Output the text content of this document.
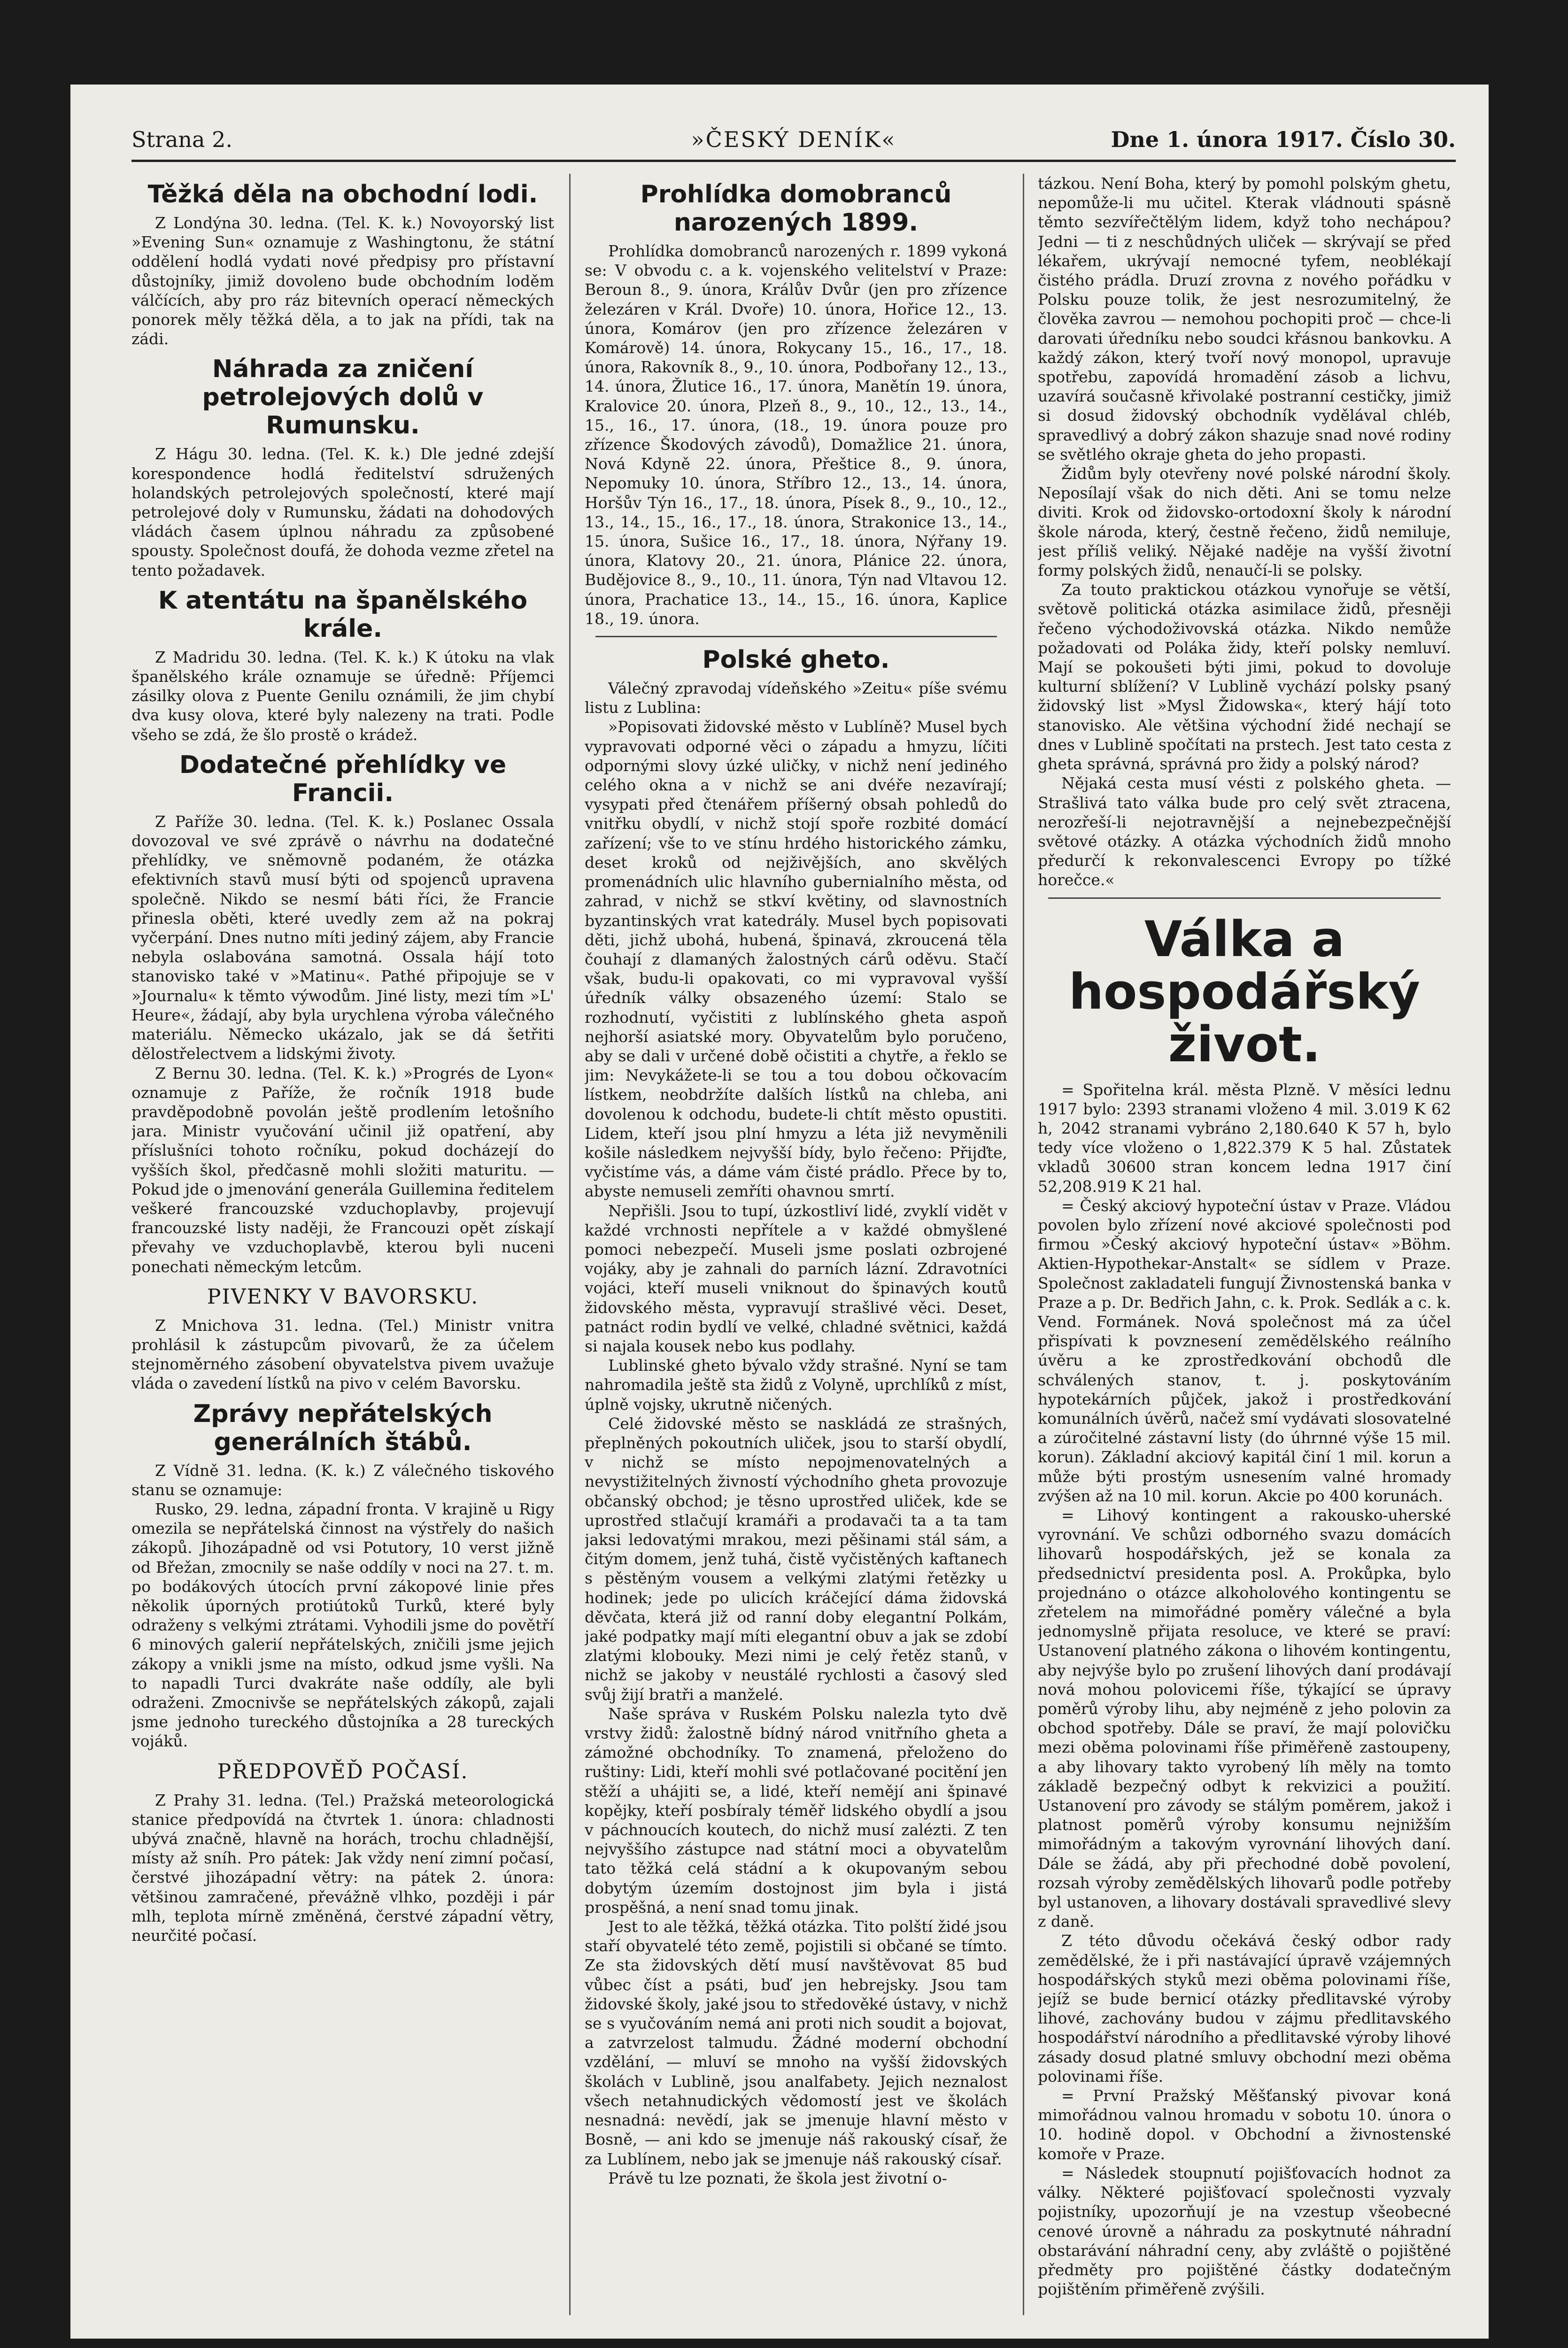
Strana 2.	»ČESKÝ DENÍK«	Dne 1. února 1917. Číslo 30.
Těžká děla na obchodní lodi.

Z Londýna 30. ledna. (Tel. K. k.) Novoyorský list »Evening Sun« oznamuje z Washingtonu, že státní oddělení hodlá vydati nové předpisy pro přístavní důstojníky, jimiž dovoleno bude obchodním loděm válčících, aby pro ráz bitevních operací německých ponorek měly těžká děla, a to jak na přídi, tak na zádi.

Náhrada za zničení petrolejových dolů v Rumunsku.

Z Hágu 30. ledna. (Tel. K. k.) Dle jedné zdejší korespondence hodlá ředitelství sdružených holandských petrolejových společností, které mají petrolejové doly v Rumunsku, žádati na dohodových vládách časem úplnou náhradu za způsobené spousty. Společnost doufá, že dohoda vezme zřetel na tento požadavek.

K atentátu na španělského krále.

Z Madridu 30. ledna. (Tel. K. k.) K útoku na vlak španělského krále oznamuje se úředně: Příjemci zásilky olova z Puente Genilu oznámili, že jim chybí dva kusy olova, které byly nalezeny na trati. Podle všeho se zdá, že šlo prostě o krádež.

Dodatečné přehlídky ve Francii.

Z Paříže 30. ledna. (Tel. K. k.) Poslanec Ossala dovozoval ve své zprávě o návrhu na dodatečné přehlídky, ve sněmovně podaném, že otázka efektivních stavů musí býti od spojenců upravena společně. Nikdo se nesmí báti říci, že Francie přinesla oběti, které uvedly zem až na pokraj vyčerpání. Dnes nutno míti jediný zájem, aby Francie nebyla oslabována samotná. Ossala hájí toto stanovisko také v »Matinu«. Pathé připojuje se v »Journalu« k těmto výwodům. Jiné listy, mezi tím »L' Heure«, žádají, aby byla urychlena výroba válečného materiálu. Německo ukázalo, jak se dá šetřiti dělostřelectvem a lidskými životy.

Z Bernu 30. ledna. (Tel. K. k.) »Progrés de Lyon« oznamuje z Paříže, že ročník 1918 bude pravděpodobně povolán ještě prodlením letošního jara. Ministr vyučování učinil již opatření, aby příslušníci tohoto ročníku, pokud docházejí do vyšších škol, předčasně mohli složiti maturitu. — Pokud jde o jmenování generála Guillemina ředitelem veškeré francouzské vzduchoplavby, projevují francouzské listy naději, že Francouzi opět získají převahy ve vzduchoplavbě, kterou byli nuceni ponechati německým letcům.

PIVENKY V BAVORSKU.

Z Mnichova 31. ledna. (Tel.) Ministr vnitra prohlásil k zástupcům pivovarů, že za účelem stejnoměrného zásobení obyvatelstva pivem uvažuje vláda o zavedení lístků na pivo v celém Bavorsku.

Zprávy nepřátelských generálních štábů.

Z Vídně 31. ledna. (K. k.) Z válečného tiskového stanu se oznamuje:

Rusko, 29. ledna, západní fronta. V krajině u Rigy omezila se nepřátelská činnost na výstřely do našich zákopů. Jihozápadně od vsi Potutory, 10 verst jižně od Břežan, zmocnily se naše oddíly v noci na 27. t. m. po bodákových útocích první zákopové linie přes několik úporných protiútoků Turků, které byly odraženy s velkými ztrátami. Vyhodili jsme do povětří 6 minových galerií nepřátelských, zničili jsme jejich zákopy a vnikli jsme na místo, odkud jsme vyšli. Na to napadli Turci dvakráte naše oddíly, ale byli odraženi. Zmocnivše se nepřátelských zákopů, zajali jsme jednoho tureckého důstojníka a 28 tureckých vojáků.

PŘEDPOVĚĎ POČASÍ.

Z Prahy 31. ledna. (Tel.) Pražská meteorologická stanice předpovídá na čtvrtek 1. února: chladnosti ubývá značně, hlavně na horách, trochu chladnější, místy až sníh. Pro pátek: Jak vždy není zimní počasí, čerstvé jihozápadní větry: na pátek 2. února: většinou zamračené, převážně vlhko, později i pár mlh, teplota mírně změněná, čerstvé západní větry, neurčité počasí.

Prohlídka domobranců narozených 1899.

Prohlídka domobranců narozených r. 1899 vykoná se: V obvodu c. a k. vojenského velitelství v Praze: Beroun 8., 9. února, Králův Dvůr (jen pro zřízence železáren v Král. Dvoře) 10. února, Hořice 12., 13. února, Komárov (jen pro zřízence železáren v Komárově) 14. února, Rokycany 15., 16., 17., 18. února, Rakovník 8., 9., 10. února, Podbořany 12., 13., 14. února, Žlutice 16., 17. února, Manětín 19. února, Kralovice 20. února, Plzeň 8., 9., 10., 12., 13., 14., 15., 16., 17. února, (18., 19. února pouze pro zřízence Škodových závodů), Domažlice 21. února, Nová Kdyně 22. února, Přeštice 8., 9. února, Nepomuky 10. února, Stříbro 12., 13., 14. února, Horšův Týn 16., 17., 18. února, Písek 8., 9., 10., 12., 13., 14., 15., 16., 17., 18. února, Strakonice 13., 14., 15. února, Sušice 16., 17., 18. února, Nýřany 19. února, Klatovy 20., 21. února, Plánice 22. února, Budějovice 8., 9., 10., 11. února, Týn nad Vltavou 12. února, Prachatice 13., 14., 15., 16. února, Kaplice 18., 19. února.

Polské gheto.

Válečný zpravodaj vídeňského »Zeitu« píše svému listu z Lublina:

»Popisovati židovské město v Lublíně? Musel bych vypravovati odporné věci o západu a hmyzu, líčiti odpornými slovy úzké uličky, v nichž není jediného celého okna a v nichž se ani dvéře nezavírají; vysypati před čtenářem příšerný obsah pohledů do vnitřku obydlí, v nichž stojí spoře rozbité domácí zařízení; vše to ve stínu hrdého historického zámku, deset kroků od nejživějších, ano skvělých promenádních ulic hlavního gubernialního města, od zahrad, v nichž se stkví květiny, od slavnostních byzantinských vrat katedrály. Musel bych popisovati děti, jichž ubohá, hubená, špinavá, zkroucená těla čouhají z dlamaných žalostných cárů oděvu. Stačí však, budu-li opakovati, co mi vypravoval vyšší úředník války obsazeného území: Stalo se rozhodnutí, vyčistiti z lublínského gheta aspoň nejhorší asiatské mory. Obyvatelům bylo poručeno, aby se dali v určené době očistiti a chytře, a řeklo se jim: Nevykážete-li se tou a tou dobou očkovacím lístkem, neobdržíte dalších lístků na chleba, ani dovolenou k odchodu, budete-li chtít město opustiti. Lidem, kteří jsou plní hmyzu a léta již nevyměnili košile následkem nejvyšší bídy, bylo řečeno: Přijďte, vyčistíme vás, a dáme vám čisté prádlo. Přece by to, abyste nemuseli zemříti ohavnou smrtí.

Nepřišli. Jsou to tupí, úzkostliví lidé, zvyklí vidět v každé vrchnosti nepřítele a v každé obmyšlené pomoci nebezpečí. Museli jsme poslati ozbrojené vojáky, aby je zahnali do parních lázní. Zdravotníci vojáci, kteří museli vniknout do špinavých koutů židovského města, vypravují strašlivé věci. Deset, patnáct rodin bydlí ve velké, chladné světnici, každá si najala kousek nebo kus podlahy.

Lublinské gheto bývalo vždy strašné. Nyní se tam nahromadila ještě sta židů z Volyně, uprchlíků z míst, úplně vojsky, ukrutně ničených.

Celé židovské město se naskládá ze strašných, přeplněných pokoutních uliček, jsou to starší obydlí, v nichž se místo nepojmenovatelných a nevystižitelných živností východního gheta provozuje občanský obchod; je těsno uprostřed uliček, kde se uprostřed stlačují kramáři a prodavači ta a ta tam jaksi ledovatými mrakou, mezi pěšinami stál sám, a čitým domem, jenž tuhá, čistě vyčistěných kaftanech s pěstěným vousem a velkými zlatými řetězky u hodinek; jede po ulicích kráčející dáma židovská děvčata, která již od ranní doby elegantní Polkám, jaké podpatky mají míti elegantní obuv a jak se zdobí zlatými klobouky. Mezi nimi je celý řetěz stanů, v nichž se jakoby v neustálé rychlosti a časový sled svůj žijí bratři a manželé.

Naše správa v Ruském Polsku nalezla tyto dvě vrstvy židů: žalostně bídný národ vnitřního gheta a zámožné obchodníky. To znamená, přeloženo do ruštiny: Lidi, kteří mohli své potlačované pocitění jen stěží a uhájiti se, a lidé, kteří nemějí ani špinavé kopějky, kteří posbíraly téměř lidského obydlí a jsou v páchnoucích koutech, do nichž musí zalézti. Z ten nejvyššího zástupce nad státní moci a obyvatelům tato těžká celá stádní a k okupovaným sebou dobytým územím dostojnost jim byla i jistá prospěšná, a není snad tomu jinak.

Jest to ale těžká, těžká otázka. Tito polští židé jsou staří obyvatelé této země, pojistili si občané se tímto. Ze sta židovských dětí musí navštěvovat 85 bud vůbec číst a psáti, buď jen hebrejsky. Jsou tam židovské školy, jaké jsou to středověké ústavy, v nichž se s vyučováním nemá ani proti nich soudit a bojovat, a zatvrzelost talmudu. Žádné moderní obchodní vzdělání, — mluví se mnoho na vyšší židovských školách v Lublině, jsou analfabety. Jejich neznalost všech netahnudických vědomostí jest ve školách nesnadná: nevědí, jak se jmenuje hlavní město v Bosně, — ani kdo se jmenuje náš rakouský císař, že za Lublínem, nebo jak se jmenuje náš rakouský císař.

Právě tu lze poznati, že škola jest životní o-

tázkou. Není Boha, který by pomohl polským ghetu, nepomůže-li mu učitel. Kterak vládnouti spásně těmto sezvířečtělým lidem, když toho nechápou? Jedni — ti z neschůdných uliček — skrývají se před lékařem, ukrývají nemocné tyfem, neoblékají čistého prádla. Druzí zrovna z nového pořádku v Polsku pouze tolik, že jest nesrozumitelný, že člověka zavrou — nemohou pochopiti proč — chce-li darovati úředníku nebo soudci křásnou bankovku. A každý zákon, který tvoří nový monopol, upravuje spotřebu, zapovídá hromadění zásob a lichvu, uzavírá současně křivolaké postranní cestičky, jimiž si dosud židovský obchodník vydělával chléb, spravedlivý a dobrý zákon shazuje snad nové rodiny se světlého okraje gheta do jeho propasti.

Židům byly otevřeny nové polské národní školy. Neposílají však do nich děti. Ani se tomu nelze diviti. Krok od židovsko-ortodoxní školy k národní škole národa, který, čestně řečeno, židů nemiluje, jest příliš veliký. Nějaké naděje na vyšší životní formy polských židů, nenaučí-li se polsky.

Za touto praktickou otázkou vynořuje se větší, světově politická otázka asimilace židů, přesněji řečeno východoživovská otázka. Nikdo nemůže požadovati od Poláka židy, kteří polsky nemluví. Mají se pokoušeti býti jimi, pokud to dovoluje kulturní sblížení? V Lublině vychází polsky psaný židovský list »Mysl Židowska«, který hájí toto stanovisko. Ale většina východní židé nechají se dnes v Lublině spočítati na prstech. Jest tato cesta z gheta správná, správná pro židy a polský národ?

Nějaká cesta musí vésti z polského gheta. — Strašlivá tato válka bude pro celý svět ztracena, nerozřeší-li nejotravnější a nejnebezpečnější světové otázky. A otázka východních židů mnoho předurčí k rekonvalescenci Evropy po tížké horečce.«

Válka a hospodářský život.

= Spořitelna král. města Plzně. V měsíci lednu 1917 bylo: 2393 stranami vloženo 4 mil. 3.019 K 62 h, 2042 stranami vybráno 2,180.640 K 57 h, bylo tedy více vloženo o 1,822.379 K 5 hal. Zůstatek vkladů 30600 stran koncem ledna 1917 činí 52,208.919 K 21 hal.

= Český akciový hypoteční ústav v Praze. Vládou povolen bylo zřízení nové akciové společnosti pod firmou »Český akciový hypoteční ústav« »Böhm. Aktien-Hypothekar-Anstalt« se sídlem v Praze. Společnost zakladateli fungují Živnostenská banka v Praze a p. Dr. Bedřich Jahn, c. k. Prok. Sedlák a c. k. Vend. Formánek. Nová společnost má za účel přispívati k povznesení zemědělského reálního úvěru a ke zprostředkování obchodů dle schválených stanov, t. j. poskytováním hypotekárních půjček, jakož i prostředkování komunálních úvěrů, načež smí vydávati slosovatelné a zúročitelné zástavní listy (do úhrnné výše 15 mil. korun). Základní akciový kapitál činí 1 mil. korun a může býti prostým usnesením valné hromady zvýšen až na 10 mil. korun. Akcie po 400 korunách.

= Lihový kontingent a rakousko-uherské vyrovnání. Ve schůzi odborného svazu domácích lihovarů hospodářských, jež se konala za předsednictví presidenta posl. A. Prokůpka, bylo projednáno o otázce alkoholového kontingentu se zřetelem na mimořádné poměry válečné a byla jednomyslně přijata resoluce, ve které se praví: Ustanovení platného zákona o lihovém kontingentu, aby nejvýše bylo po zrušení lihových daní prodávají nová mohou polovicemi říše, týkající se úpravy poměrů výroby lihu, aby nejméně z jeho polovin za obchod spotřeby. Dále se praví, že mají polovičku mezi oběma polovinami říše přiměřeně zastoupeny, a aby lihovary takto vyrobený líh měly na tomto základě bezpečný odbyt k rekvizici a použití. Ustanovení pro závody se stálým poměrem, jakož i platnost poměrů výroby konsumu nejnižším mimořádným a takovým vyrovnání lihových daní. Dále se žádá, aby při přechodné době povolení, rozsah výroby zemědělských lihovarů podle potřeby byl ustanoven, a lihovary dostávali spravedlivé slevy z daně.

Z této důvodu očekává český odbor rady zemědělské, že i při nastávající úpravě vzájemných hospodářských styků mezi oběma polovinami říše, jejíž se bude bernicí otázky předlitavské výroby lihové, zachovány budou v zájmu předlitavského hospodářství národního a předlitavské výroby lihové zásady dosud platné smluvy obchodní mezi oběma polovinami říše.

= První Pražský Měšťanský pivovar koná mimořádnou valnou hromadu v sobotu 10. února o 10. hodině dopol. v Obchodní a živnostenské komoře v Praze.

= Následek stoupnutí pojišťovacích hodnot za války. Některé pojišťovací společnosti vyzvaly pojistníky, upozorňují je na vzestup všeobecné cenové úrovně a náhradu za poskytnuté náhradní obstarávání náhradní ceny, aby zvláště o pojištěné předměty pro pojištěné částky dodatečným pojištěním přiměřeně zvýšili.
